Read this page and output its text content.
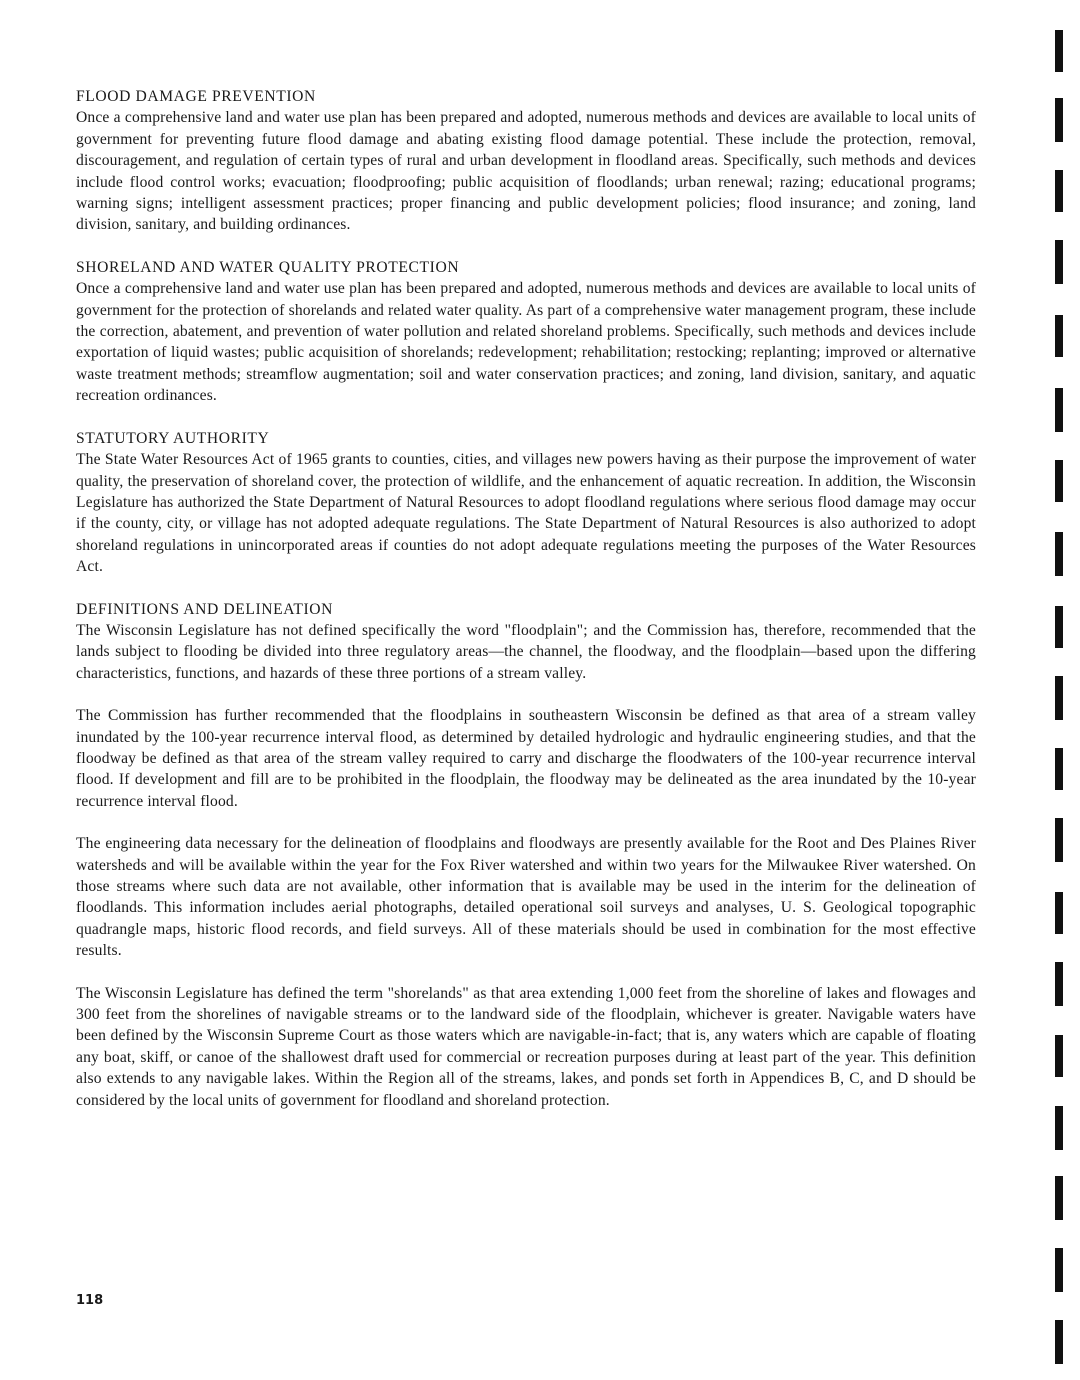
FLOOD DAMAGE PREVENTION

Once a comprehensive land and water use plan has been prepared and adopted, numerous methods and devices are available to local units of government for preventing future flood damage and abating existing flood damage potential. These include the protection, removal, discouragement, and regulation of certain types of rural and urban development in floodland areas. Specifically, such methods and devices include flood control works; evacuation; floodproofing; public acquisition of floodlands; urban renewal; razing; educational programs; warning signs; intelligent assessment practices; proper financing and public development policies; flood insurance; and zoning, land division, sanitary, and building ordinances.

SHORELAND AND WATER QUALITY PROTECTION

Once a comprehensive land and water use plan has been prepared and adopted, numerous methods and devices are available to local units of government for the protection of shorelands and related water quality. As part of a comprehensive water management program, these include the correction, abatement, and prevention of water pollution and related shoreland problems. Specifically, such methods and devices include exportation of liquid wastes; public acquisition of shorelands; redevelopment; rehabilitation; restocking; replanting; improved or alternative waste treatment methods; streamflow augmentation; soil and water conservation practices; and zoning, land division, sanitary, and aquatic recreation ordinances.

STATUTORY AUTHORITY

The State Water Resources Act of 1965 grants to counties, cities, and villages new powers having as their purpose the improvement of water quality, the preservation of shoreland cover, the protection of wildlife, and the enhancement of aquatic recreation. In addition, the Wisconsin Legislature has authorized the State Department of Natural Resources to adopt floodland regulations where serious flood damage may occur if the county, city, or village has not adopted adequate regulations. The State Department of Natural Resources is also authorized to adopt shoreland regulations in unincorporated areas if counties do not adopt adequate regulations meeting the purposes of the Water Resources Act.

DEFINITIONS AND DELINEATION

The Wisconsin Legislature has not defined specifically the word "floodplain"; and the Commission has, therefore, recommended that the lands subject to flooding be divided into three regulatory areas—the channel, the floodway, and the floodplain—based upon the differing characteristics, functions, and hazards of these three portions of a stream valley.

The Commission has further recommended that the floodplains in southeastern Wisconsin be defined as that area of a stream valley inundated by the 100-year recurrence interval flood, as determined by detailed hydrologic and hydraulic engineering studies, and that the floodway be defined as that area of the stream valley required to carry and discharge the floodwaters of the 100-year recurrence interval flood. If development and fill are to be prohibited in the floodplain, the floodway may be delineated as the area inundated by the 10-year recurrence interval flood.

The engineering data necessary for the delineation of floodplains and floodways are presently available for the Root and Des Plaines River watersheds and will be available within the year for the Fox River watershed and within two years for the Milwaukee River watershed. On those streams where such data are not available, other information that is available may be used in the interim for the delineation of floodlands. This information includes aerial photographs, detailed operational soil surveys and analyses, U. S. Geological topographic quadrangle maps, historic flood records, and field surveys. All of these materials should be used in combination for the most effective results.

The Wisconsin Legislature has defined the term "shorelands" as that area extending 1,000 feet from the shoreline of lakes and flowages and 300 feet from the shorelines of navigable streams or to the landward side of the floodplain, whichever is greater. Navigable waters have been defined by the Wisconsin Supreme Court as those waters which are navigable-in-fact; that is, any waters which are capable of floating any boat, skiff, or canoe of the shallowest draft used for commercial or recreation purposes during at least part of the year. This definition also extends to any navigable lakes. Within the Region all of the streams, lakes, and ponds set forth in Appendices B, C, and D should be considered by the local units of government for floodland and shoreland protection.

118
